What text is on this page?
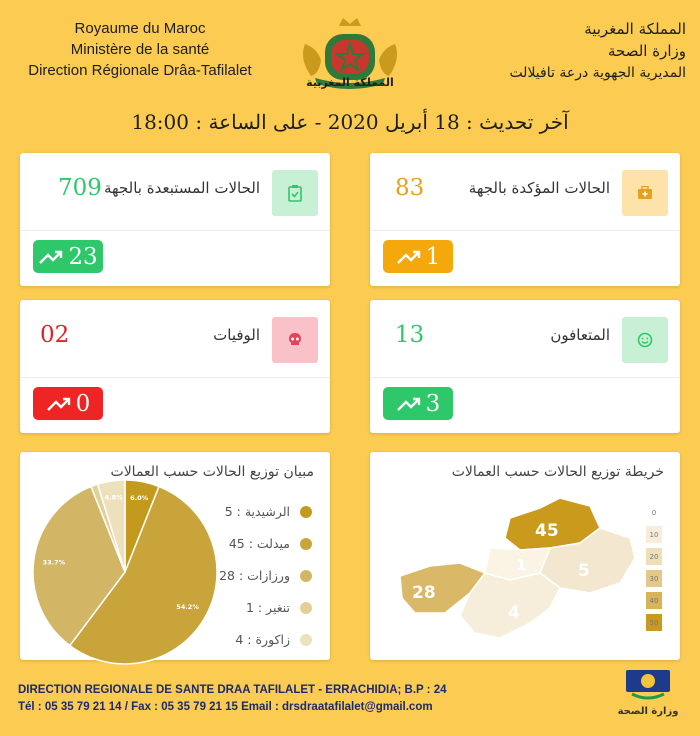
Royaume du Maroc
Ministère de la santé
Direction Régionale Drâa-Tafilalet
المملكة المغربية
المملكة المغربية
وزارة الصحة
المديرية الجهوية درعة تافيلالت
آخر تحديث : 18 أبريل 2020 - على الساعة : 18:00
709 الحالات المستبعدة بالجهة
23
83	الحالات المؤكدة بالجهة
1
02	الوفيات
0
13	المتعافون
3
مبيان توزيع الحالات حسب العمالات
6.0%
54.2%
33.7%
4.8%
الرشيدية : 5
ميدلت : 45
ورزازات : 28
تنغير : 1
زاكورة : 4
خريطة توزيع الحالات حسب العمالات
45
5
1
28
4
0
10
20
30
40
50
DIRECTION REGIONALE DE SANTE DRAA TAFILALET - ERRACHIDIA; B.P : 24
Tél : 05 35 79 21 14 / Fax : 05 35 79 21 15 Email : drsdraatafilalet@gmail.com	وزارة الصحة
